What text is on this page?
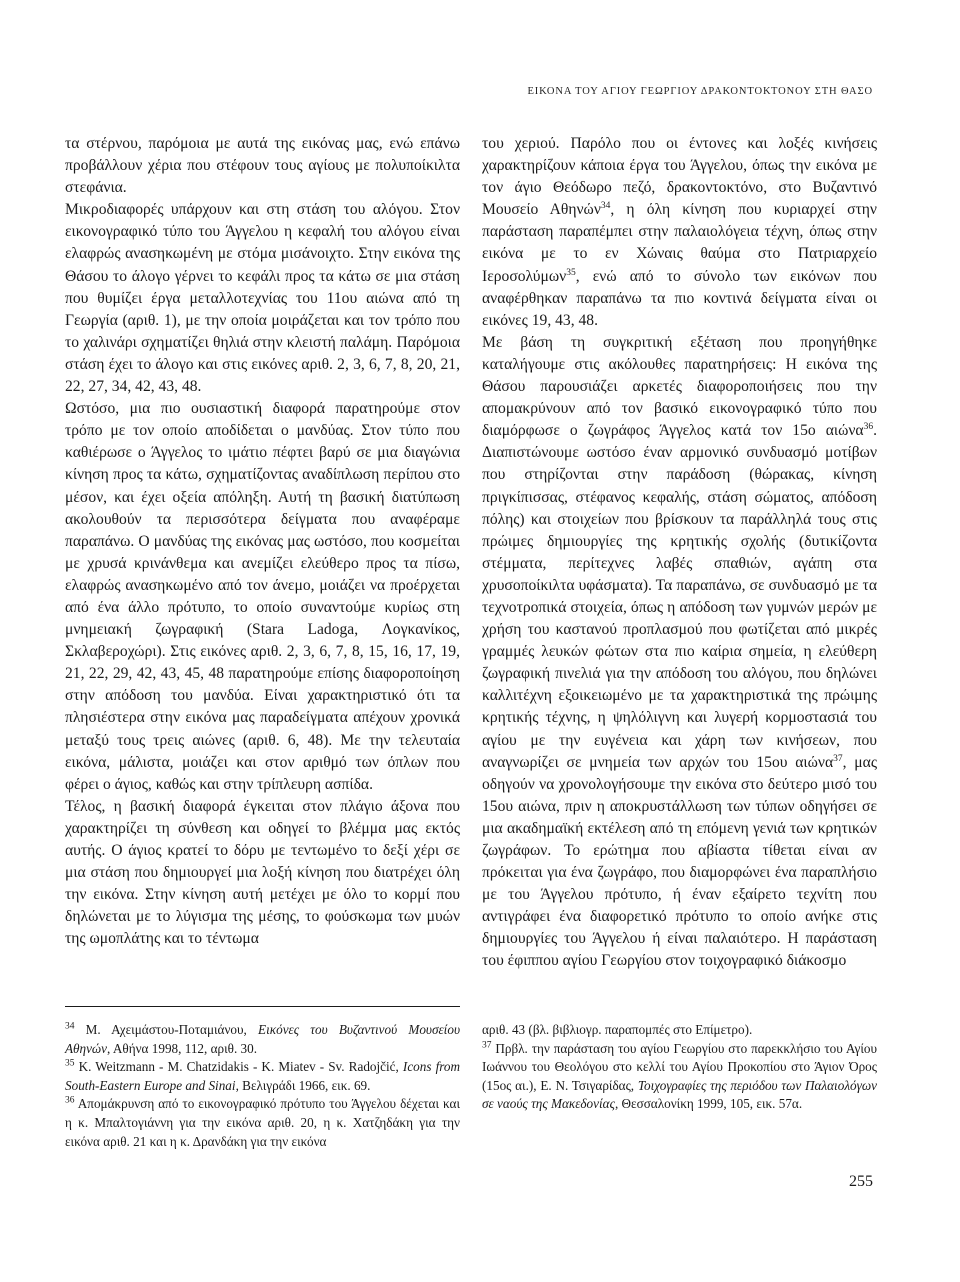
ΕΙΚΟΝΑ ΤΟΥ ΑΓΙΟΥ ΓΕΩΡΓΙΟΥ ΔΡΑΚΟΝΤΟΚΤΟΝΟΥ ΣΤΗ ΘΑΣΟ

τα στέρνου, παρόμοια με αυτά της εικόνας μας, ενώ επάνω προβάλλουν χέρια που στέφουν τους αγίους με πολυποίκιλτα στεφάνια.

Μικροδιαφορές υπάρχουν και στη στάση του αλόγου. Στον εικονογραφικό τύπο του Άγγελου η κεφαλή του αλόγου είναι ελαφρώς ανασηκωμένη με στόμα μισάνοιχτο. Στην εικόνα της Θάσου το άλογο γέρνει το κεφάλι προς τα κάτω σε μια στάση που θυμίζει έργα μεταλλοτεχνίας του 11ου αιώνα από τη Γεωργία (αριθ. 1), με την οποία μοιράζεται και τον τρόπο που το χαλινάρι σχηματίζει θηλιά στην κλειστή παλάμη. Παρόμοια στάση έχει το άλογο και στις εικόνες αριθ. 2, 3, 6, 7, 8, 20, 21, 22, 27, 34, 42, 43, 48.

Ωστόσο, μια πιο ουσιαστική διαφορά παρατηρούμε στον τρόπο με τον οποίο αποδίδεται ο μανδύας. Στον τύπο που καθιέρωσε ο Άγγελος το ιμάτιο πέφτει βαρύ σε μια διαγώνια κίνηση προς τα κάτω, σχηματίζοντας αναδίπλωση περίπου στο μέσον, και έχει οξεία απόληξη. Αυτή τη βασική διατύπωση ακολουθούν τα περισσότερα δείγματα που αναφέραμε παραπάνω. Ο μανδύας της εικόνας μας ωστόσο, που κοσμείται με χρυσά κρινάνθεμα και ανεμίζει ελεύθερο προς τα πίσω, ελαφρώς ανασηκωμένο από τον άνεμο, μοιάζει να προέρχεται από ένα άλλο πρότυπο, το οποίο συναντούμε κυρίως στη μνημειακή ζωγραφική (Stara Ladoga, Λογκανίκος, Σκλαβεροχώρι). Στις εικόνες αριθ. 2, 3, 6, 7, 8, 15, 16, 17, 19, 21, 22, 29, 42, 43, 45, 48 παρατηρούμε επίσης διαφοροποίηση στην απόδοση του μανδύα. Είναι χαρακτηριστικό ότι τα πλησιέστερα στην εικόνα μας παραδείγματα απέχουν χρονικά μεταξύ τους τρεις αιώνες (αριθ. 6, 48). Με την τελευταία εικόνα, μάλιστα, μοιάζει και στον αριθμό των όπλων που φέρει ο άγιος, καθώς και στην τρίπλευρη ασπίδα.

Τέλος, η βασική διαφορά έγκειται στον πλάγιο άξονα που χαρακτηρίζει τη σύνθεση και οδηγεί το βλέμμα μας εκτός αυτής. Ο άγιος κρατεί το δόρυ με τεντωμένο το δεξί χέρι σε μια στάση που δημιουργεί μια λοξή κίνηση που διατρέχει όλη την εικόνα. Στην κίνηση αυτή μετέχει με όλο το κορμί που δηλώνεται με το λύγισμα της μέσης, το φούσκωμα των μυών της ωμοπλάτης και το τέντωμα

του χεριού. Παρόλο που οι έντονες και λοξές κινήσεις χαρακτηρίζουν κάποια έργα του Άγγελου, όπως την εικόνα με τον άγιο Θεόδωρο πεζό, δρακοντοκτόνο, στο Βυζαντινό Μουσείο Αθηνών$^{34}$, η όλη κίνηση που κυριαρχεί στην παράσταση παραπέμπει στην παλαιολόγεια τέχνη, όπως στην εικόνα με το εν Χώναις θαύμα στο Πατριαρχείο Ιεροσολύμων$^{35}$, ενώ από το σύνολο των εικόνων που αναφέρθηκαν παραπάνω τα πιο κοντινά δείγματα είναι οι εικόνες 19, 43, 48.

Με βάση τη συγκριτική εξέταση που προηγήθηκε καταλήγουμε στις ακόλουθες παρατηρήσεις: Η εικόνα της Θάσου παρουσιάζει αρκετές διαφοροποιήσεις που την απομακρύνουν από τον βασικό εικονογραφικό τύπο που διαμόρφωσε ο ζωγράφος Άγγελος κατά τον 15ο αιώνα$^{36}$. Διαπιστώνουμε ωστόσο έναν αρμονικό συνδυασμό μοτίβων που στηρίζονται στην παράδοση (θώρακας, κίνηση πριγκίπισσας, στέφανος κεφαλής, στάση σώματος, απόδοση πόλης) και στοιχείων που βρίσκουν τα παράλληλά τους στις πρώιμες δημιουργίες της κρητικής σχολής (δυτικίζοντα στέμματα, περίτεχνες λαβές σπαθιών, αγάπη στα χρυσοποίκιλτα υφάσματα). Τα παραπάνω, σε συνδυασμό με τα τεχνοτροπικά στοιχεία, όπως η απόδοση των γυμνών μερών με χρήση του καστανού προπλασμού που φωτίζεται από μικρές γραμμές λευκών φώτων στα πιο καίρια σημεία, η ελεύθερη ζωγραφική πινελιά για την απόδοση του αλόγου, που δηλώνει καλλιτέχνη εξοικειωμένο με τα χαρακτηριστικά της πρώιμης κρητικής τέχνης, η ψηλόλιγνη και λυγερή κορμοστασιά του αγίου με την ευγένεια και χάρη των κινήσεων, που αναγνωρίζει σε μνημεία των αρχών του 15ου αιώνα$^{37}$, μας οδηγούν να χρονολογήσουμε την εικόνα στο δεύτερο μισό του 15ου αιώνα, πριν η αποκρυστάλλωση των τύπων οδηγήσει σε μια ακαδημαϊκή εκτέλεση από τη επόμενη γενιά των κρητικών ζωγράφων. Το ερώτημα που αβίαστα τίθεται είναι αν πρόκειται για ένα ζωγράφο, που διαμορφώνει ένα παραπλήσιο με του Άγγελου πρότυπο, ή έναν εξαίρετο τεχνίτη που αντιγράφει ένα διαφορετικό πρότυπο το οποίο ανήκε στις δημιουργίες του Άγγελου ή είναι παλαιότερο. Η παράσταση του έφιππου αγίου Γεωργίου στον τοιχογραφικό διάκοσμο

$^{34}$ Μ. Αχειμάστου-Ποταμιάνου, Εικόνες του Βυζαντινού Μουσείου Αθηνών, Αθήνα 1998, 112, αριθ. 30.

$^{35}$ K. Weitzmann - M. Chatzidakis - K. Miatev - Sv. Radojčić, Icons from South-Eastern Europe and Sinai, Βελιγράδι 1966, εικ. 69.

$^{36}$ Απομάκρυνση από το εικονογραφικό πρότυπο του Άγγελου δέχεται και η κ. Μπαλτογιάννη για την εικόνα αριθ. 20, η κ. Χατζηδάκη για την εικόνα αριθ. 21 και η κ. Δρανδάκη για την εικόνα

αριθ. 43 (βλ. βιβλιογρ. παραπομπές στο Επίμετρο).

$^{37}$ Πρβλ. την παράσταση του αγίου Γεωργίου στο παρεκκλήσιο του Αγίου Ιωάννου του Θεολόγου στο κελλί του Αγίου Προκοπίου στο Άγιον Όρος (15ος αι.), Ε. Ν. Τσιγαρίδας, Τοιχογραφίες της περιόδου των Παλαιολόγων σε ναούς της Μακεδονίας, Θεσσαλονίκη 1999, 105, εικ. 57α.

255
